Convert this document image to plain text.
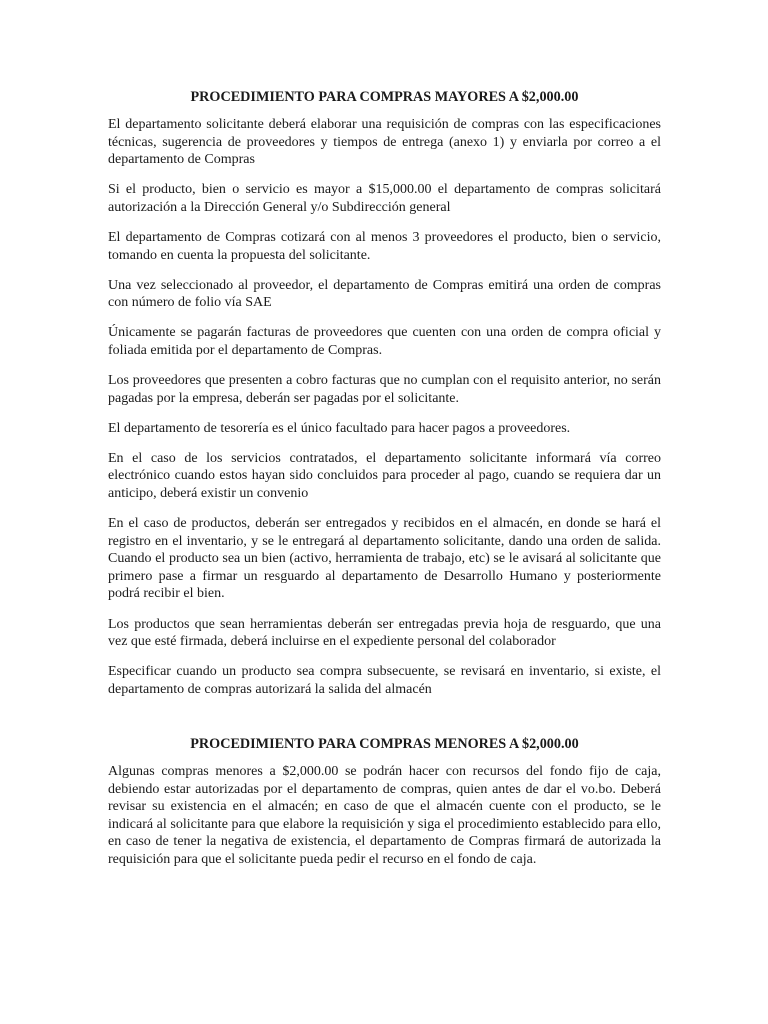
PROCEDIMIENTO PARA COMPRAS MAYORES A $2,000.00

El departamento solicitante deberá elaborar una requisición de compras con las especificaciones técnicas, sugerencia de proveedores y tiempos de entrega (anexo 1) y enviarla por correo a el departamento de Compras

Si el producto, bien o servicio es mayor a $15,000.00 el departamento de compras solicitará autorización a la Dirección General y/o Subdirección general

El departamento de Compras cotizará con al menos 3 proveedores el producto, bien o servicio, tomando en cuenta la propuesta del solicitante.

Una vez seleccionado al proveedor, el departamento de Compras emitirá una orden de compras con número de folio vía SAE

Únicamente se pagarán facturas de proveedores que cuenten con una orden de compra oficial y foliada emitida por el departamento de Compras.

Los proveedores que presenten a cobro facturas que no cumplan con el requisito anterior, no serán pagadas por la empresa, deberán ser pagadas por el solicitante.

El departamento de tesorería es el único facultado para hacer pagos a proveedores.

En el caso de los servicios contratados, el departamento solicitante informará vía correo electrónico cuando estos hayan sido concluidos para proceder al pago, cuando se requiera dar un anticipo, deberá existir un convenio

En el caso de productos, deberán ser entregados y recibidos en el almacén, en donde se hará el registro en el inventario, y se le entregará al departamento solicitante, dando una orden de salida. Cuando el producto sea un bien (activo, herramienta de trabajo, etc) se le avisará al solicitante que primero pase a firmar un resguardo al departamento de Desarrollo Humano y posteriormente podrá recibir el bien.

Los productos que sean herramientas deberán ser entregadas previa hoja de resguardo, que una vez que esté firmada, deberá incluirse en el expediente personal del colaborador

Especificar cuando un producto sea compra subsecuente, se revisará en inventario, si existe, el departamento de compras autorizará la salida del almacén

PROCEDIMIENTO PARA COMPRAS MENORES A $2,000.00

Algunas compras menores a $2,000.00 se podrán hacer con recursos del fondo fijo de caja, debiendo estar autorizadas por el departamento de compras, quien antes de dar el vo.bo. Deberá revisar su existencia en el almacén; en caso de que el almacén cuente con el producto, se le indicará al solicitante para que elabore la requisición y siga el procedimiento establecido para ello, en caso de tener la negativa de existencia, el departamento de Compras firmará de autorizada la requisición para que el solicitante pueda pedir el recurso en el fondo de caja.
